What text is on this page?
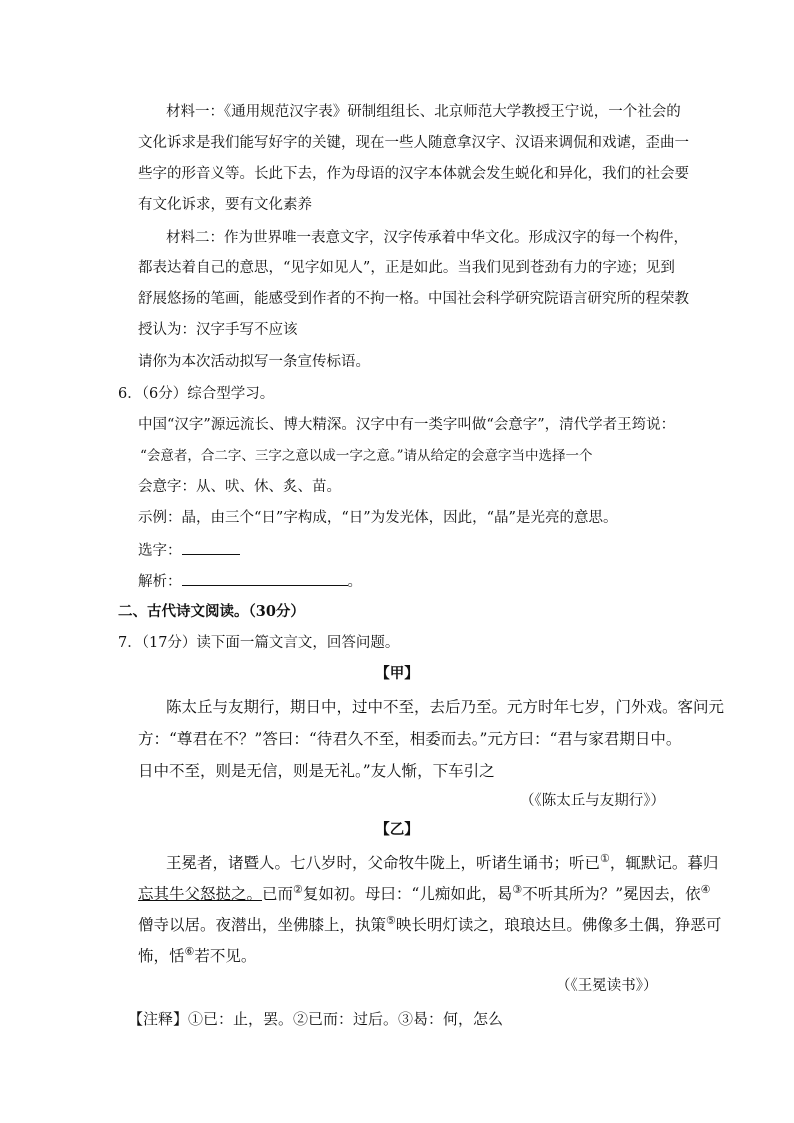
材料一：《通用规范汉字表》研制组组长、北京师范大学教授王宁说，一个社会的
文化诉求是我们能写好字的关键，现在一些人随意拿汉字、汉语来调侃和戏谑，歪曲一
些字的形音义等。长此下去，作为母语的汉字本体就会发生蜕化和异化，我们的社会要
有文化诉求，要有文化素养
材料二：作为世界唯一表意文字，汉字传承着中华文化。形成汉字的每一个构件，
都表达着自己的意思，“见字如见人”，正是如此。当我们见到苍劲有力的字迹；见到
舒展悠扬的笔画，能感受到作者的不拘一格。中国社会科学研究院语言研究所的程荣教
授认为：汉字手写不应该
请你为本次活动拟写一条宣传标语。
6．（6分）综合型学习。
中国“汉字”源远流长、博大精深。汉字中有一类字叫做“会意字”，清代学者王筠说：
“会意者，合二字、三字之意以成一字之意。”请从给定的会意字当中选择一个
会意字：从、吠、休、炙、苗。
示例：晶，由三个“日”字构成，“日”为发光体，因此，“晶”是光亮的意思。
选字：
解析：	。
二、古代诗文阅读。（30分）
7．（17分）读下面一篇文言文，回答问题。
【甲】
陈太丘与友期行，期日中，过中不至，去后乃至。元方时年七岁，门外戏。客问元
方：“尊君在不？”答曰：“待君久不至，相委而去。”元方曰：“君与家君期日中。
日中不至，则是无信，则是无礼。”友人惭，下车引之
（《陈太丘与友期行》）
【乙】
王冕者，诸暨人。七八岁时，父命牧牛陇上，听诸生诵书；听已①，辄默记。暮归
忘其牛父怒挞之。已而②复如初。母曰：“儿痴如此，曷③不听其所为？”冕因去，依④
僧寺以居。夜潜出，坐佛膝上，执策⑤映长明灯读之，琅琅达旦。佛像多土偶，狰恶可
怖，恬⑥若不见。
（《王冕读书》）
【注释】①已：止，罢。②已而：过后。③曷：何，怎么
